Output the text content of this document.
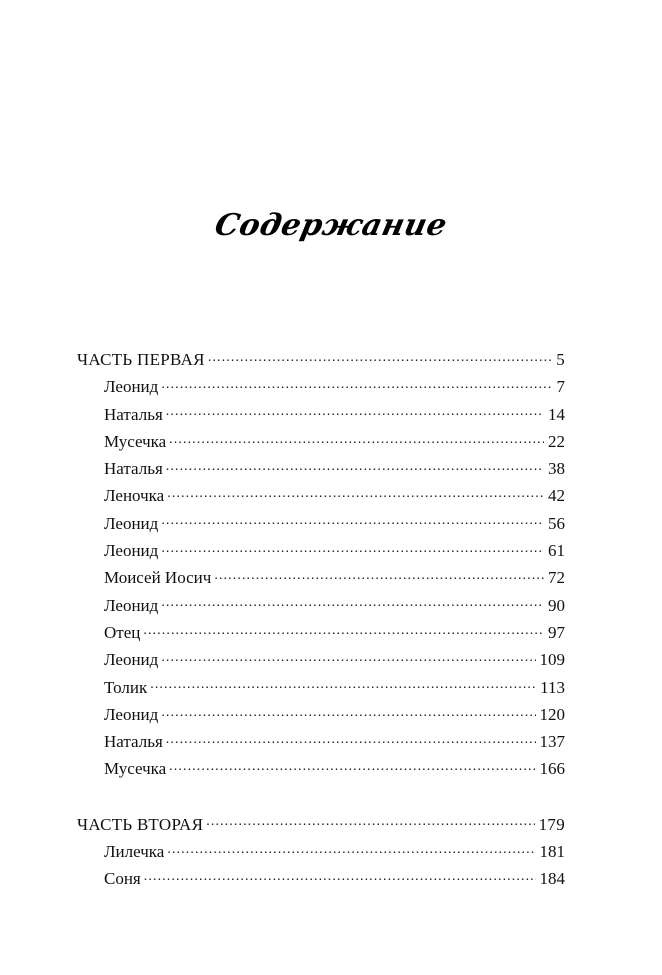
Содержание
ЧАСТЬ ПЕРВАЯ . . .	5
Леонид . . .	7
Наталья . . .	14
Мусечка . . .	22
Наталья . . .	38
Леночка . . .	42
Леонид . . .	56
Леонид . . .	61
Моисей Иосич . . .	72
Леонид . . .	90
Отец . . .	97
Леонид . . .	109
Толик . . .	113
Леонид . . .	120
Наталья . . .	137
Мусечка . . .	166
ЧАСТЬ ВТОРАЯ . . .	179
Лилечка . . .	181
Соня . . .	184
